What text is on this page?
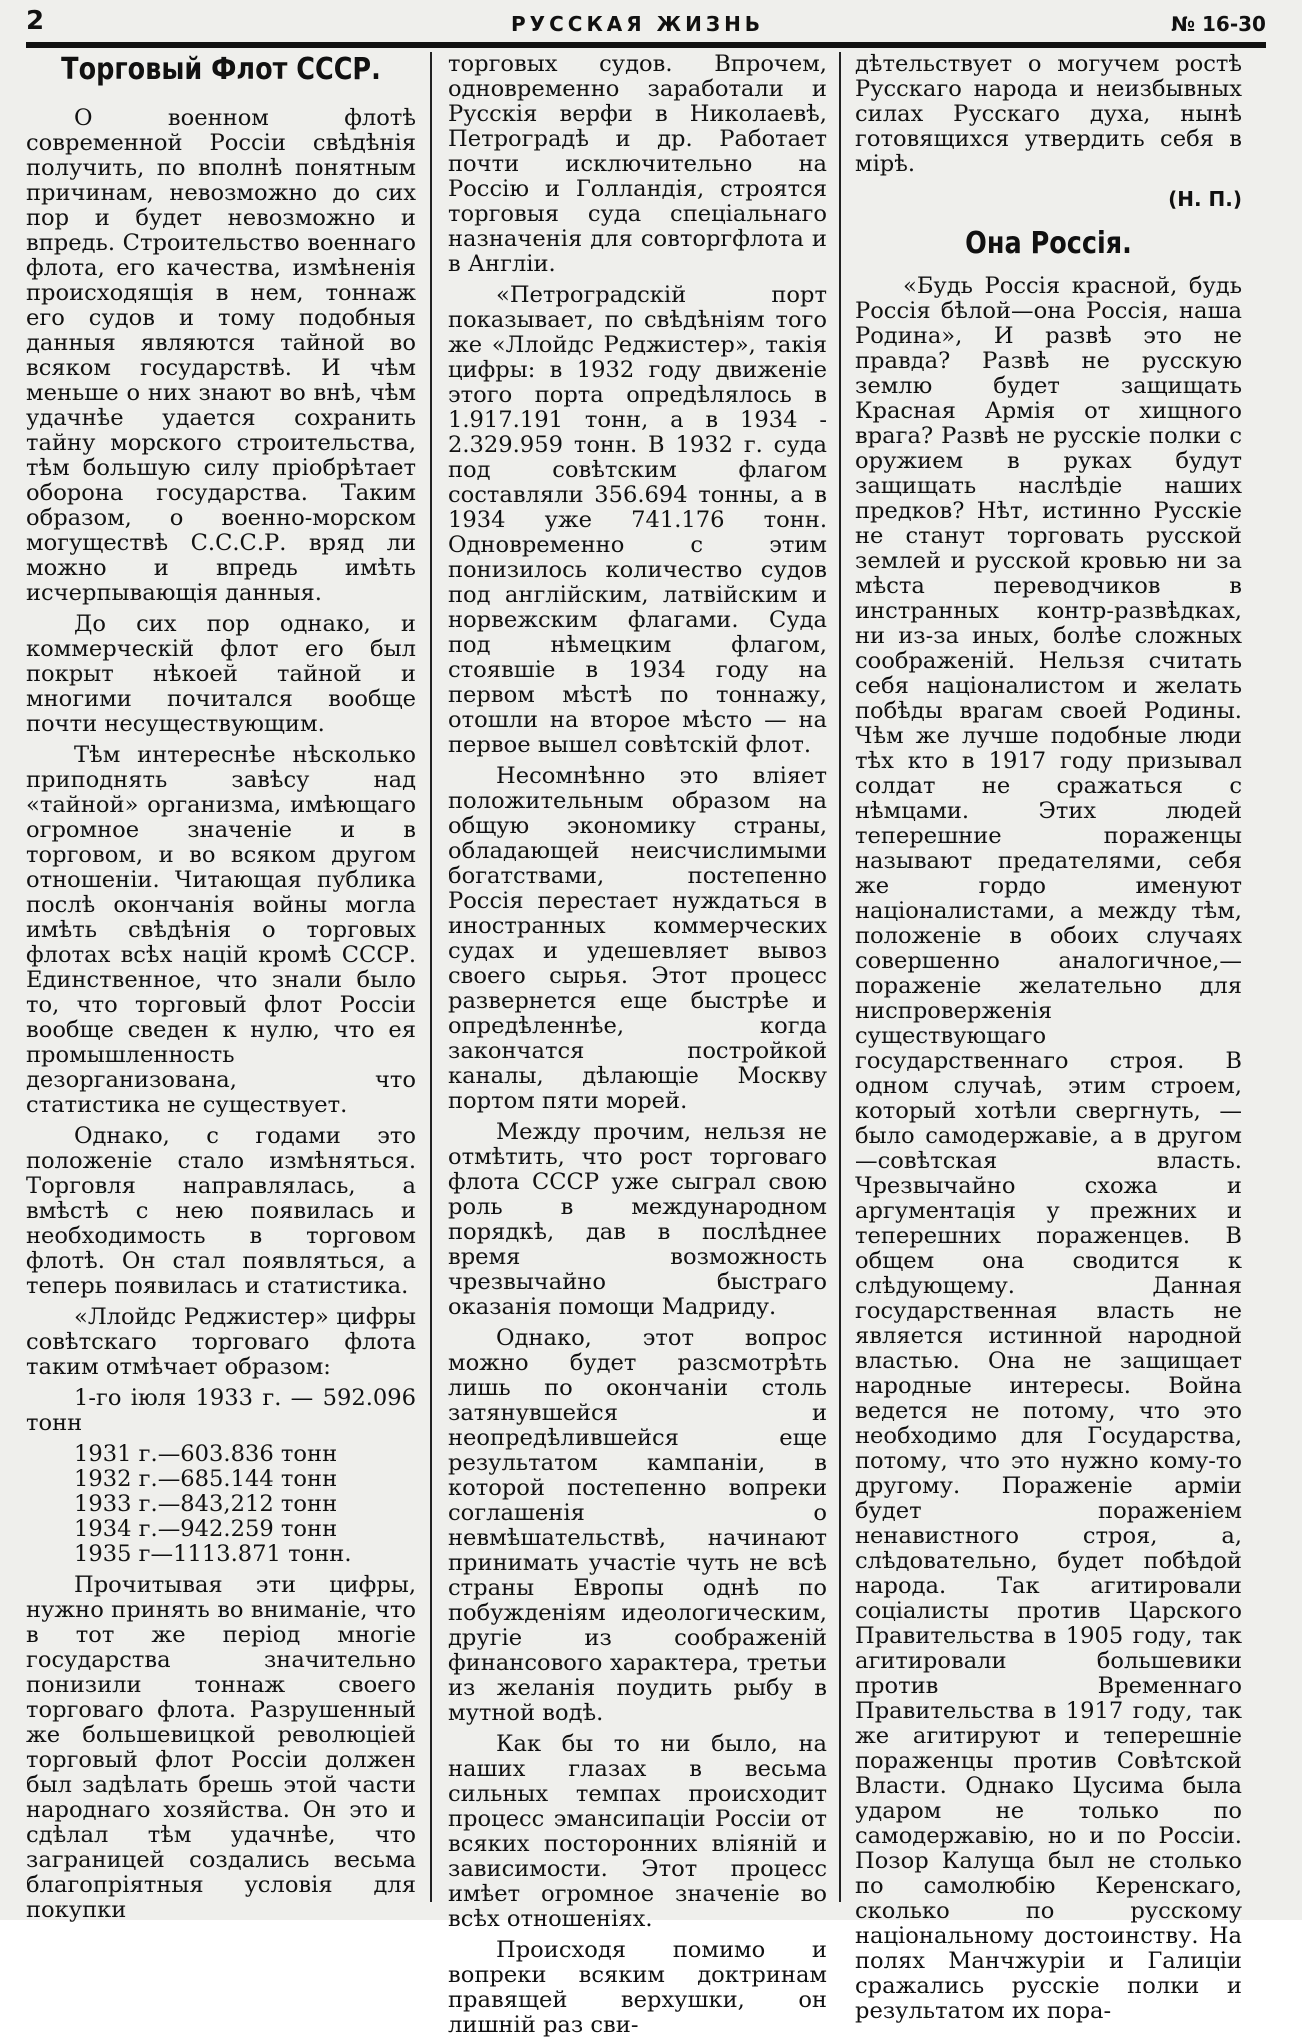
2	РУССКАЯ ЖИЗНЬ	№ 16-30
Торговый Флот СССР.

О военном флотѣ современной Россіи свѣдѣнія получить, по вполнѣ понятным причинам, невозможно до сих пор и будет невозможно и впредь. Строительство военнаго флота, его качества, измѣненія происходящія в нем, тоннаж его судов и тому подобныя данныя являются тайной во всяком государствѣ. И чѣм меньше о них знают во внѣ, чѣм удачнѣе удается сохранить тайну морского строительства, тѣм большую силу пріобрѣтает оборона государства. Таким образом, о военно-морском могуществѣ С.С.С.Р. вряд ли можно и впредь имѣть исчерпывающія данныя.

До сих пор однако, и коммерческій флот его был покрыт нѣкоей тайной и многими почитался вообще почти несуществующим.

Тѣм интереснѣе нѣсколько приподнять завѣсу над «тайной» организма, имѣющаго огромное значеніе и в торговом, и во всяком другом отношеніи. Читающая публика послѣ окончанія войны могла имѣть свѣдѣнія о торговых флотах всѣх націй кромѣ СССР. Единственное, что знали было то, что торговый флот Россіи вообще сведен к нулю, что ея промышленность дезорганизована, что статистика не существует.

Однако, с годами это положеніе стало измѣняться. Торговля направлялась, а вмѣстѣ с нею появилась и необходимость в торговом флотѣ. Он стал появляться, а теперь появилась и статистика.

«Ллойдс Реджистер» цифры совѣтскаго торговаго флота таким отмѣчает образом:

1-го іюля 1933 г. — 592.096 тонн

1931 г.—603.836 тонн
1932 г.—685.144 тонн
1933 г.—843,212 тонн
1934 г.—942.259 тонн
1935 г—1113.871 тонн.

Прочитывая эти цифры, нужно принять во вниманіе, что в тот же період многіе государства значительно понизили тоннаж своего торговаго флота. Разрушенный же большевицкой революціей торговый флот Россіи должен был задѣлать брешь этой части народнаго хозяйства. Он это и сдѣлал тѣм удачнѣе, что заграницей создались весьма благопріятныя условія для покупки

торговых судов. Впрочем, одновременно заработали и Русскія верфи в Николаевѣ, Петроградѣ и др. Работает почти исключительно на Россію и Голландія, строятся торговыя суда спеціальнаго назначенія для совторгфлота и в Англіи.

«Петроградскій порт показывает, по свѣдѣніям того же «Ллойдс Реджистер», такія цифры: в 1932 году движеніе этого порта опредѣлялось в 1.917.191 тонн, а в 1934 - 2.329.959 тонн. В 1932 г. суда под совѣтским флагом составляли 356.694 тонны, а в 1934 уже 741.176 тонн. Одновременно с этим понизилось количество судов под англійским, латвійским и норвежским флагами. Суда под нѣмецким флагом, стоявшіе в 1934 году на первом мѣстѣ по тоннажу, отошли на второе мѣсто — на первое вышел совѣтскій флот.

Несомнѣнно это вліяет положительным образом на общую экономику страны, обладающей неисчислимыми богатствами, постепенно Россія перестает нуждаться в иностранных коммерческих судах и удешевляет вывоз своего сырья. Этот процесс развернется еще быстрѣе и опредѣленнѣе, когда закончатся постройкой каналы, дѣлающіе Москву портом пяти морей.

Между прочим, нельзя не отмѣтить, что рост торговаго флота СССР уже сыграл свою роль в международном порядкѣ, дав в послѣднее время возможность чрезвычайно быстраго оказанія помощи Мадриду.

Однако, этот вопрос можно будет разсмотрѣть лишь по окончаніи столь затянувшейся и неопредѣлившейся еще результатом кампаніи, в которой постепенно вопреки соглашенія о невмѣшательствѣ, начинают принимать участіе чуть не всѣ страны Европы однѣ по побужденіям идеологическим, другіе из соображеній финансового характера, третьи из желанія поудить рыбу в мутной водѣ.

Как бы то ни было, на наших глазах в весьма сильных темпах происходит процесс эмансипаціи Россіи от всяких посторонних вліяній и зависимости. Этот процесс имѣет огромное значеніе во всѣх отношеніях.

Происходя помимо и вопреки всяким доктринам правящей верхушки, он лишній раз сви-

дѣтельствует о могучем ростѣ Русскаго народа и неизбывных силах Русскаго духа, нынѣ готовящихся утвердить себя в мірѣ.

(Н. П.)

Она Россія.

«Будь Россія красной, будь Россія бѣлой—она Россія, наша Родина», И развѣ это не правда? Развѣ не русскую землю будет защищать Красная Армія от хищного врага? Развѣ не русскіе полки с оружием в руках будут защищать наслѣдіе наших предков? Нѣт, истинно Русскіе не станут торговать русской землей и русской кровью ни за мѣста переводчиков в инстранных контр-развѣдках, ни из-за иных, болѣе сложных соображеній. Нельзя считать себя націоналистом и желать побѣды врагам своей Родины. Чѣм же лучше подобные люди тѣх кто в 1917 году призывал солдат не сражаться с нѣмцами. Этих людей теперешние пораженцы называют предателями, себя же гордо именуют націоналистами, а между тѣм, положеніе в обоих случаях совершенно аналогичное,—пораженіе желательно для ниспроверженія существующаго государственнаго строя. В одном случаѣ, этим строем, который хотѣли свергнуть, — было самодержавіе, а в другом —совѣтская власть. Чрезвычайно схожа и аргументація у прежних и теперешних пораженцев. В общем она сводится к слѣдующему. Данная государственная власть не является истинной народной властью. Она не защищает народные интересы. Война ведется не потому, что это необходимо для Государства, потому, что это нужно кому-то другому. Пораженіе арміи будет пораженіем ненавистного строя, а, слѣдовательно, будет побѣдой народа. Так агитировали соціалисты против Царского Правительства в 1905 году, так агитировали большевики против Временнаго Правительства в 1917 году, так же агитируют и теперешніе пораженцы против Совѣтской Власти. Однако Цусима была ударом не только по самодержавію, но и по Россіи. Позор Калуща был не столько по самолюбію Керенскаго, сколько по русскому національному достоинству. На полях Манчжуріи и Галиціи сражались русскіе полки и результатом их пора-
